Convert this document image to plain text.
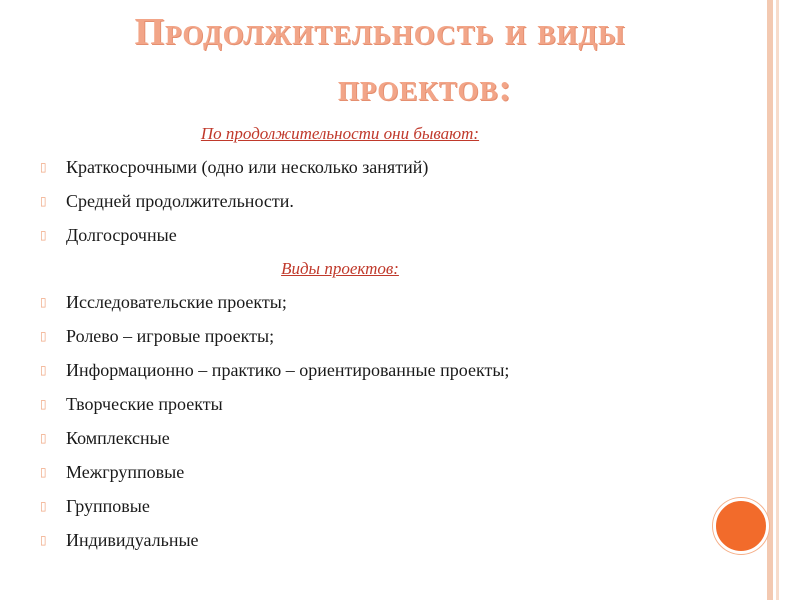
Продолжительность и виды
проектов:
По продолжительности они бывают:
▯	Краткосрочными (одно или несколько занятий)
▯	Средней продолжительности.
▯	Долгосрочные
Виды проектов:
▯	Исследовательские проекты;
▯	Ролево – игровые проекты;
▯	Информационно – практико – ориентированные проекты;
▯	Творческие проекты
▯	Комплексные
▯	Межгрупповые
▯	Групповые
▯	Индивидуальные
